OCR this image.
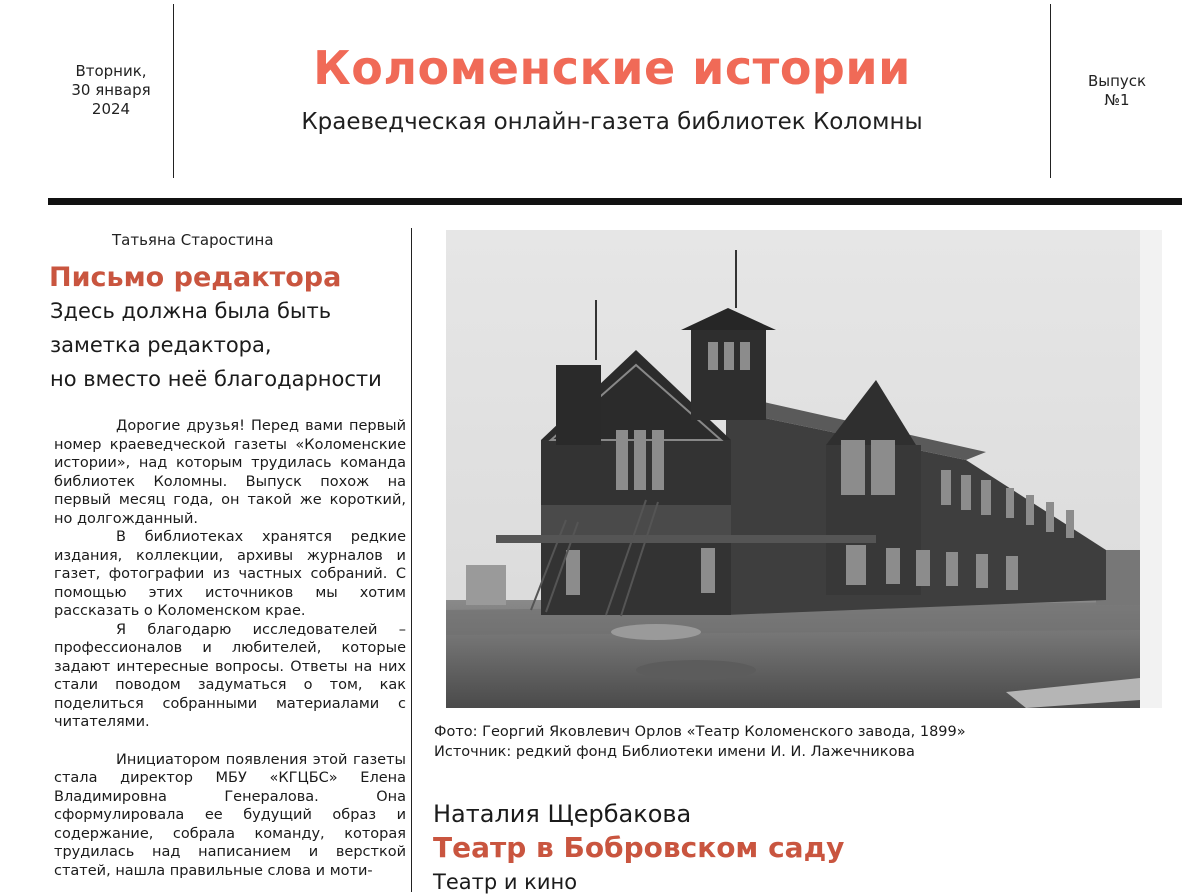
Вторник,
30 января
2024
Коломенские истории
Краеведческая онлайн-газета библиотек Коломны
Выпуск
№1
Татьяна Старостина
Письмо редактора
Здесь должна была быть
заметка редактора,
но вместо неё благодарности

Дорогие друзья! Перед вами первый номер краеведческой газеты «Коломенские истории», над которым трудилась команда библиотек Коломны. Выпуск похож на первый месяц года, он такой же короткий, но долгожданный.

В библиотеках хранятся редкие издания, коллекции, архивы журналов и газет, фотографии из частных собраний. С помощью этих источников мы хотим рассказать о Коломенском крае.

Я благодарю исследователей – профессионалов и любителей, которые задают интересные вопросы. Ответы на них стали поводом задуматься о том, как поделиться собранными материалами с читателями.

Инициатором появления этой газеты стала директор МБУ «КГЦБС» Елена Владимировна Генералова. Она сформулировала ее будущий образ и содержание, собрала команду, которая трудилась над написанием и версткой статей, нашла правильные слова и моти-

Фото: Георгий Яковлевич Орлов «Театр Коломенского завода, 1899»
Источник: редкий фонд Библиотеки имени И. И. Лажечникова
Наталия Щербакова
Театр в Бобровском саду
Театр и кино
